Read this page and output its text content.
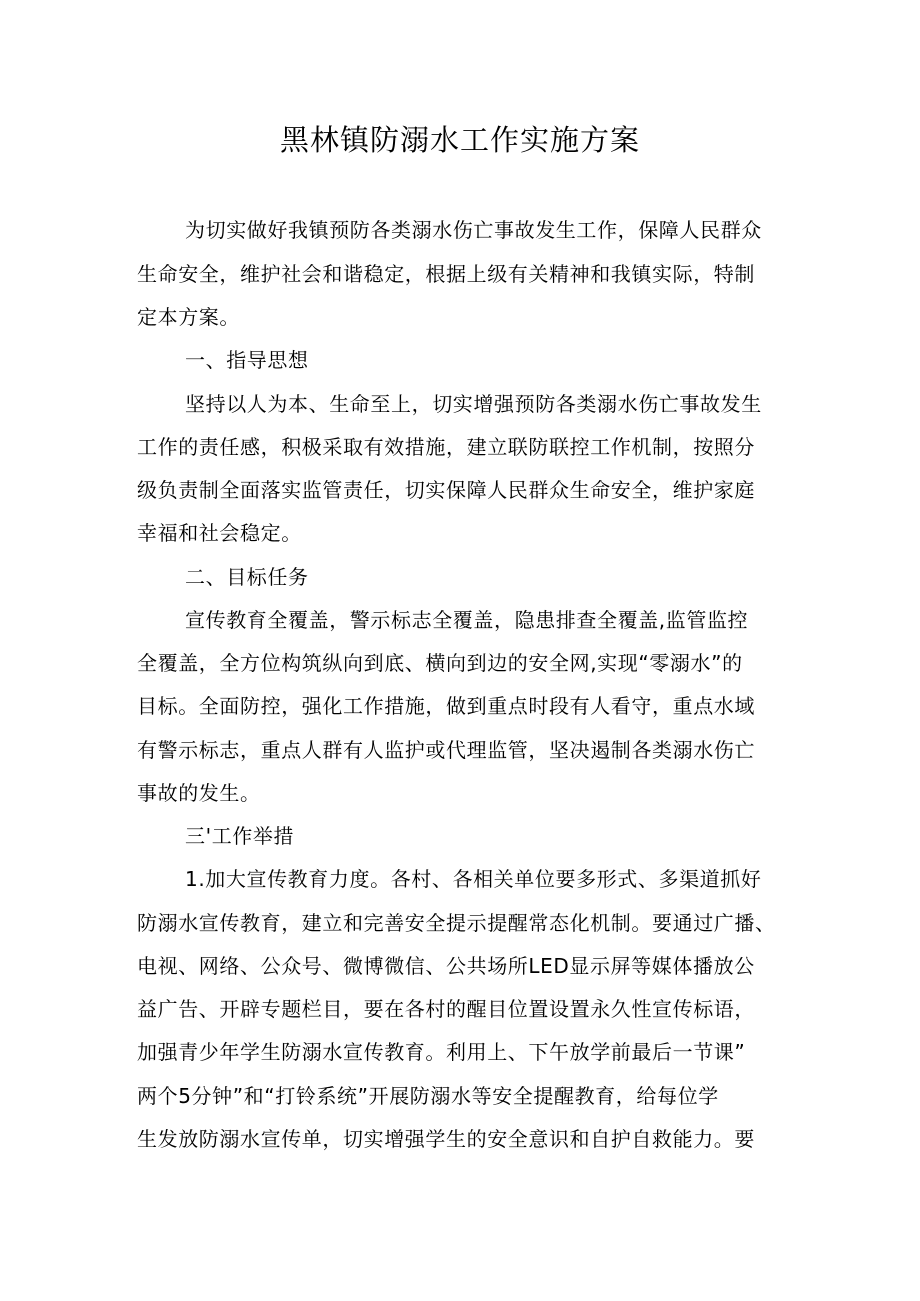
黑林镇防溺水工作实施方案

为切实做好我镇预防各类溺水伤亡事故发生工作，保障人民群众

生命安全，维护社会和谐稳定，根据上级有关精神和我镇实际，特制

定本方案。

一、指导思想

坚持以人为本、生命至上，切实增强预防各类溺水伤亡事故发生

工作的责任感，积极采取有效措施，建立联防联控工作机制，按照分

级负责制全面落实监管责任，切实保障人民群众生命安全，维护家庭

幸福和社会稳定。

二、目标任务

宣传教育全覆盖，警示标志全覆盖，隐患排查全覆盖,监管监控

全覆盖，全方位构筑纵向到底、横向到边的安全网,实现“零溺水”的

目标。全面防控，强化工作措施，做到重点时段有人看守，重点水域

有警示标志，重点人群有人监护或代理监管，坚决遏制各类溺水伤亡

事故的发生。

三'工作举措

1.加大宣传教育力度。各村、各相关单位要多形式、多渠道抓好

防溺水宣传教育，建立和完善安全提示提醒常态化机制。要通过广播、

电视、网络、公众号、微博微信、公共场所LED显示屏等媒体播放公

益广告、开辟专题栏目，要在各村的醒目位置设置永久性宣传标语，

加强青少年学生防溺水宣传教育。利用上、下午放学前最后一节课”

两个5分钟”和“打铃系统”开展防溺水等安全提醒教育，给每位学

生发放防溺水宣传单，切实增强学生的安全意识和自护自救能力。要
